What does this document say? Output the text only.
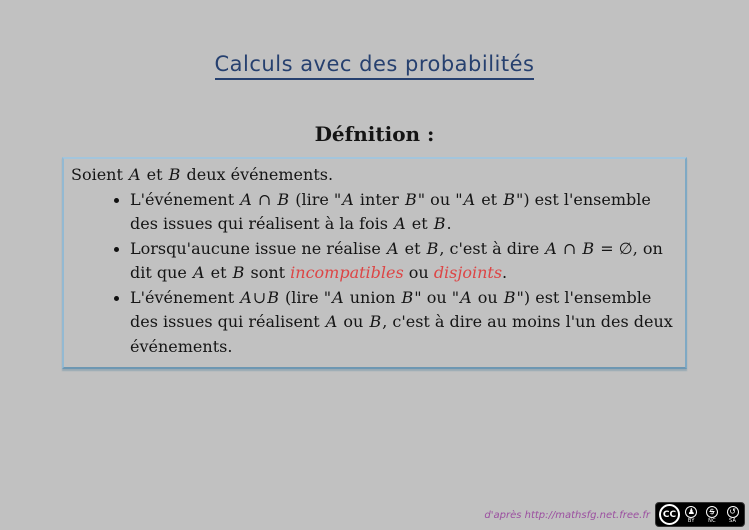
Calculs avec des probabilités
Défnition :
Soient A et B deux événements.
• L'événement A ∩ B (lire "A inter B" ou "A et B") est l'ensemble des issues qui réalisent à la fois A et B.
• Lorsqu'aucune issue ne réalise A et B, c'est à dire A ∩ B = ∅, on dit que A et B sont incompatibles ou disjoints.
• L'événement A∪B (lire "A union B" ou "A ou B") est l'ensemble des issues qui réalisent A ou B, c'est à dire au moins l'un des deux événements.
d'après http://mathsfg.net.free.fr	CC	♟
BY
$
NC
↺
SA
